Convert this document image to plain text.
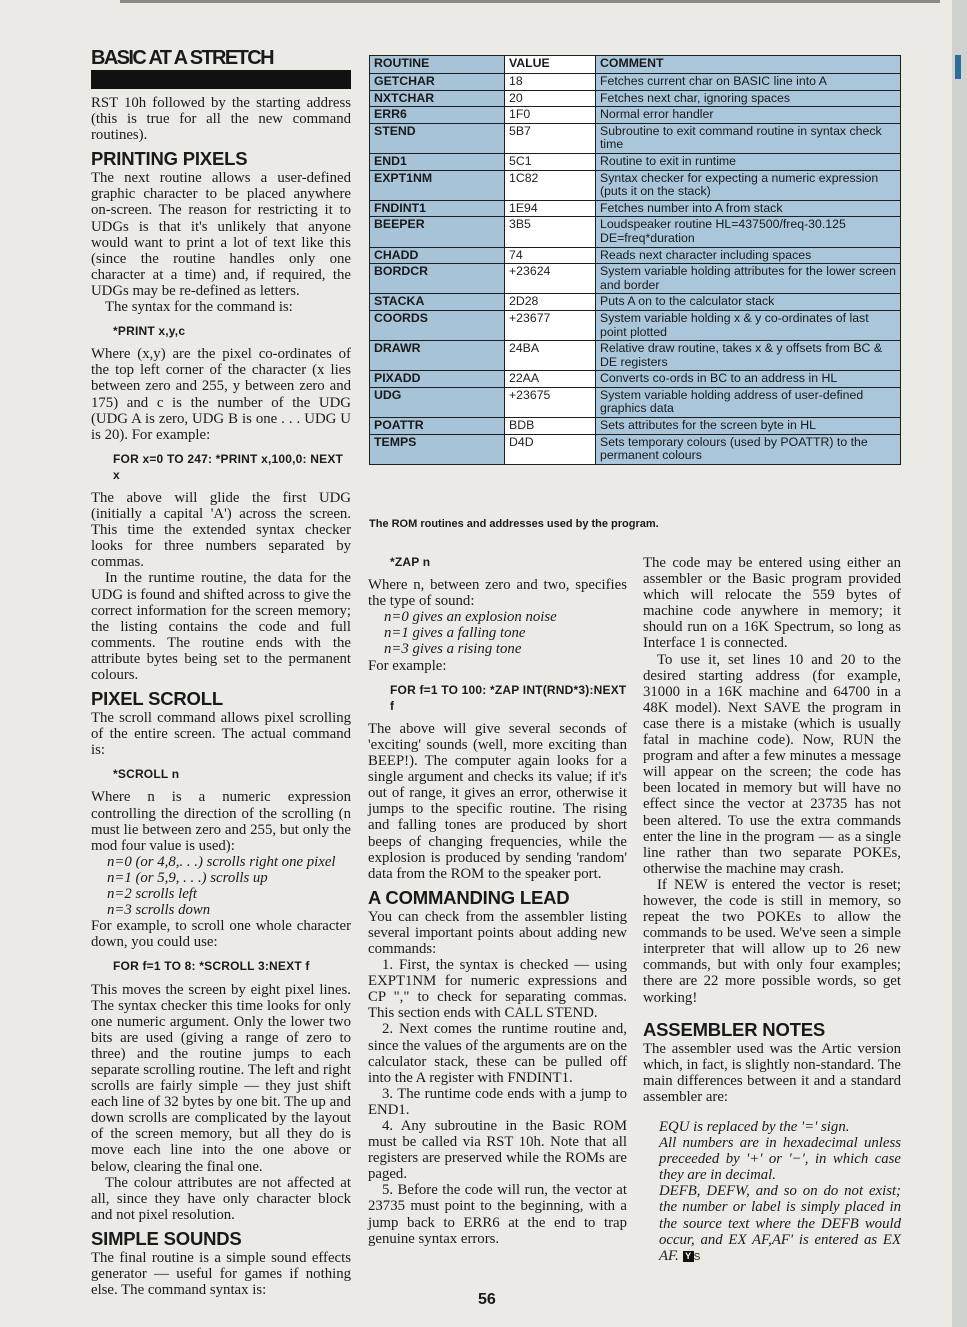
BASIC AT A STRETCH

RST 10h followed by the starting address (this is true for all the new command routines).

PRINTING PIXELS

The next routine allows a user-defined graphic character to be placed anywhere on-screen. The reason for restricting it to UDGs is that it's unlikely that anyone would want to print a lot of text like this (since the routine handles only one character at a time) and, if required, the UDGs may be re-defined as letters.

The syntax for the command is:

*PRINT x,y,c

Where (x,y) are the pixel co-ordinates of the top left corner of the character (x lies between zero and 255, y between zero and 175) and c is the number of the UDG (UDG A is zero, UDG B is one . . . UDG U is 20). For example:

FOR x=0 TO 247: *PRINT x,100,0: NEXT x

The above will glide the first UDG (initially a capital 'A') across the screen. This time the extended syntax checker looks for three numbers separated by commas.

In the runtime routine, the data for the UDG is found and shifted across to give the correct information for the screen memory; the listing contains the code and full comments. The routine ends with the attribute bytes being set to the permanent colours.

PIXEL SCROLL

The scroll command allows pixel scrolling of the entire screen. The actual command is:

*SCROLL n

Where n is a numeric expression controlling the direction of the scrolling (n must lie between zero and 255, but only the mod four value is used):

n=0 (or 4,8,. . .) scrolls right one pixel

n=1 (or 5,9, . . .) scrolls up

n=2 scrolls left

n=3 scrolls down

For example, to scroll one whole character down, you could use:

FOR f=1 TO 8: *SCROLL 3:NEXT f

This moves the screen by eight pixel lines. The syntax checker this time looks for only one numeric argument. Only the lower two bits are used (giving a range of zero to three) and the routine jumps to each separate scrolling routine. The left and right scrolls are fairly simple — they just shift each line of 32 bytes by one bit. The up and down scrolls are complicated by the layout of the screen memory, but all they do is move each line into the one above or below, clearing the final one.

The colour attributes are not affected at all, since they have only character block and not pixel resolution.

SIMPLE SOUNDS

The final routine is a simple sound effects generator — useful for games if nothing else. The command syntax is:

ROUTINE	VALUE	COMMENT
GETCHAR	18	Fetches current char on BASIC line into A
NXTCHAR	20	Fetches next char, ignoring spaces
ERR6	1F0	Normal error handler
STEND	5B7	Subroutine to exit command routine in syntax check time
END1	5C1	Routine to exit in runtime
EXPT1NM	1C82	Syntax checker for expecting a numeric expression (puts it on the stack)
FNDINT1	1E94	Fetches number into A from stack
BEEPER	3B5	Loudspeaker routine HL=437500/freq-30.125 DE=freq*duration
CHADD	74	Reads next character including spaces
BORDCR	+23624	System variable holding attributes for the lower screen and border
STACKA	2D28	Puts A on to the calculator stack
COORDS	+23677	System variable holding x & y co-ordinates of last point plotted
DRAWR	24BA	Relative draw routine, takes x & y offsets from BC & DE registers
PIXADD	22AA	Converts co-ords in BC to an address in HL
UDG	+23675	System variable holding address of user-defined graphics data
POATTR	BDB	Sets attributes for the screen byte in HL
TEMPS	D4D	Sets temporary colours (used by POATTR) to the permanent colours
The ROM routines and addresses used by the program.

*ZAP n

Where n, between zero and two, specifies the type of sound:

n=0 gives an explosion noise

n=1 gives a falling tone

n=3 gives a rising tone

For example:

FOR f=1 TO 100: *ZAP INT(RND*3):NEXT f

The above will give several seconds of 'exciting' sounds (well, more exciting than BEEP!). The computer again looks for a single argument and checks its value; if it's out of range, it gives an error, otherwise it jumps to the specific routine. The rising and falling tones are produced by short beeps of changing frequencies, while the explosion is produced by sending 'random' data from the ROM to the speaker port.

A COMMANDING LEAD

You can check from the assembler listing several important points about adding new commands:

1. First, the syntax is checked — using EXPT1NM for numeric expressions and CP "," to check for separating commas. This section ends with CALL STEND.

2. Next comes the runtime routine and, since the values of the arguments are on the calculator stack, these can be pulled off into the A register with FNDINT1.

3. The runtime code ends with a jump to END1.

4. Any subroutine in the Basic ROM must be called via RST 10h. Note that all registers are preserved while the ROMs are paged.

5. Before the code will run, the vector at 23735 must point to the beginning, with a jump back to ERR6 at the end to trap genuine syntax errors.

The code may be entered using either an assembler or the Basic program provided which will relocate the 559 bytes of machine code anywhere in memory; it should run on a 16K Spectrum, so long as Interface 1 is connected.

To use it, set lines 10 and 20 to the desired starting address (for example, 31000 in a 16K machine and 64700 in a 48K model). Next SAVE the program in case there is a mistake (which is usually fatal in machine code). Now, RUN the program and after a few minutes a message will appear on the screen; the code has been located in memory but will have no effect since the vector at 23735 has not been altered. To use the extra commands enter the line in the program — as a single line rather than two separate POKEs, otherwise the machine may crash.

If NEW is entered the vector is reset; however, the code is still in memory, so repeat the two POKEs to allow the commands to be used. We've seen a simple interpreter that will allow up to 26 new commands, but with only four examples; there are 22 more possible words, so get working!

ASSEMBLER NOTES

The assembler used was the Artic version which, in fact, is slightly non-standard. The main differences between it and a standard assembler are:

EQU is replaced by the '=' sign.

All numbers are in hexadecimal unless preceeded by '+' or '−', in which case they are in decimal.

DEFB, DEFW, and so on do not exist; the number or label is simply placed in the source text where the DEFB would occur, and EX AF,AF' is entered as EX AF. Y S

56
